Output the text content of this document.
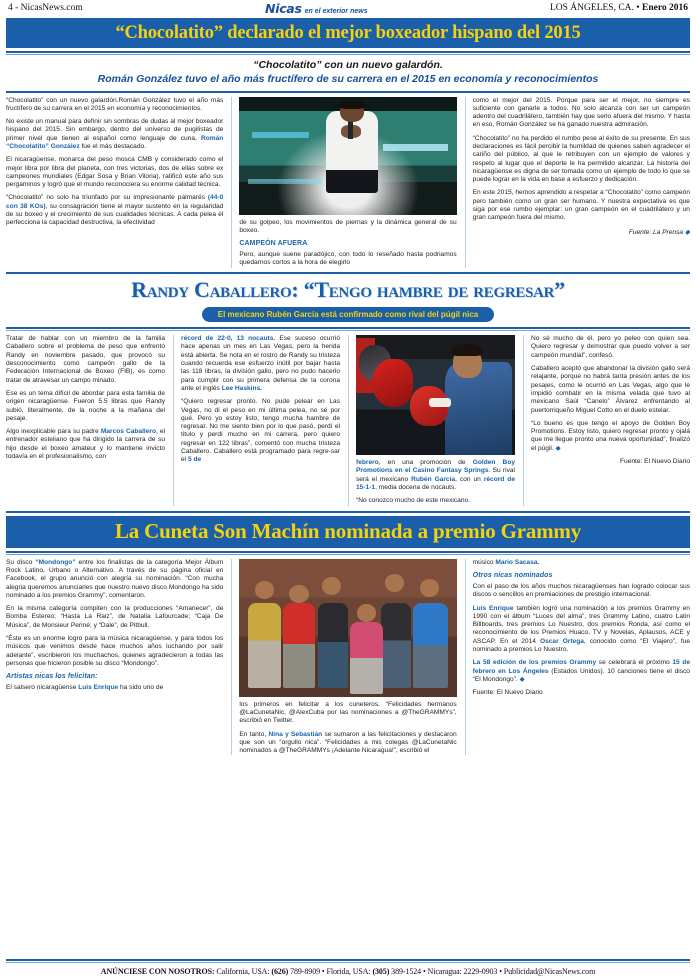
4 - NicasNews.com	Nicas en el exterior news	LOS ÁNGELES, CA. • Enero 2016
“Chocolatito” declarado el mejor boxeador hispano del 2015
“Chocolatito” con un nuevo galardón.
Román González tuvo el año más fructífero de su carrera en el 2015 en economía y reconocimientos

“Chocolatito” con un nuevo galardón.Román González tuvo el año más fructífero de su carrera en el 2015 en economía y reconocimientos.

No existe un manual para definir sin sombras de dudas al mejor boxeador hispano del 2015. Sin embargo, dentro del universo de pugilistas de primer nivel que tienen al español como lenguaje de cuna, Román “Chocolatito” González fue el más destacado.

El nicaragüense, monarca del peso mosca CMB y considerado como el mejor libra por libra del planeta, con tres victorias, dos de ellas sobre ex campeones mundiales (Edgar Sosa y Brian Viloria), ratificó este año sus pergaminos y logró que el mundo reconociera su enorme calidad técnica.

“Chocolatito” no solo ha triunfado por su impresionante palmarés (44-0 con 38 KOs), su consagración tiene el mayor sustento en la regularidad de su boxeo y el crecimiento de sus cualidades técnicas. A cada pelea él perfecciona la capacidad destructiva, la efectividad	de su golpeo, los movimientos de piernas y la dinámica general de su boxeo.

CAMPEÓN AFUERA

Pero, aunque suene paradójico, con todo lo reseñado hasta podriamos quedarnos cortos a la hora de elegirlo

como el mejor del 2015. Porque para ser el mejor, no siempre es suficiente con ganarle a todos. No solo alcanza con ser un campeón adentro del cuadrilátero, también hay que serlo afuera del mismo. Y hasta en eso, Román González se ha ganado nuestra admiración.

“Chocolatito” no ha perdido el rumbo pese al éxito de su presente. En sus declaraciones es fácil percibir la humildad de quienes saben agradecer el cariño del público, al que le retribuyen con un ejemplo de valores y respeto al lugar que el deporte le ha permitido alcanzar. La historia del nicaragüense es digna de ser tomada como un ejemplo de todo lo que se puede lograr en la vida en base a esfuerzo y dedicación.

En este 2015, hemos aprendido a respetar a “Chocolatito” como campeón pero también como un gran ser humano. Y nuestra expectativa es que siga por ese rumbo ejemplar: un gran campeón en el cuadrilátero y un gran campeón fuera del mismo.

Fuente: La Prensa ◆

Randy Caballero: “Tengo hambre de regresar”
El mexicano Rubén García está confirmado como rival del púgil nica

Tratar de hablar con un miembro de la familia Caballero sobre el problema de peso que enfrentó Randy en noviembre pasado, que provocó su desconocimiento como campeón gallo de la Federación Internacional de Boxeo (FIB), es como tratar de atravesar un campo minado.

Ese es un tema difícil de abordar para esta familia de origen nicaragüense. Fueron 5.5 libras que Randy subió, literalmente, de la noche a la mañana del pesaje.

Algo inexplicable para su padre Marcos Caballero, el entrenador esteliano que ha dirigido la carrera de su hijo desde el boxeo amateur y lo mantiene invicto todavía en el profesionalismo, con

récord de 22-0, 13 nocauts. Ese suceso ocurrió hace apenas un mes en Las Vegas, pero la herida está abierta. Se nota en el rostro de Randy su tristeza cuando recuerda ese esfuerzo inútil por bajar hasta las 118 libras, la división gallo, pero no pudo hacerlo para cumplir con su primera defensa de la corona ante el inglés Lee Haskins.

“Quiero regresar pronto. No pude pelear en Las Vegas, no di el peso en mi última pelea, no sé por qué. Pero yo estoy listo, tengo mucha hambre de regresar. No me siento bien por lo que pasó, perdí el titulo y perdí mucho en mi carrera, pero quiero regresar en 122 libras”, comentó con mucha tristeza Caballero. Caballero está programado para regre-sar el 5 de	febrero, en una promoción de Golden Boy Promotions en el Casino Fantasy Springs. Su rival será el mexicano Rubén García, con un récord de 15-1-1, media docena de nocauts.

“No conozco mucho de este mexicano.

No sé mucho de él, pero yo peleo con quien sea. Quiero regresar y demostrar que puedo volver a ser campeón mundial”, confesó.

Caballero aceptó que abandonar la división gallo será relajante, porque no habrá tanta presión antes de los pesajes, como le ocurrió en Las Vegas, algo que le impidió combatir en la misma velada que tuvo al mexicano Saúl “Canelo” Álvarez enfrentando al puertorriqueño Miguel Cotto en el duelo estelar.

“Lo bueno es que tengo el apoyo de Golden Boy Promotions. Estoy listo, quiero regresar pronto y ojalá que me llegue pronto una nueva oportunidad”, finalizó el púgil. ◆

Fuente: El Nuevo Diario

La Cuneta Son Machín nominada a premio Grammy

Su disco “Mondongo” entre los finalistas de la categoría Mejor Álbum Rock Latino, Urbano o Alternativo. A través de su página oficial en Facebook, el grupo anunció con alegría su nominación. “Con mucha alegria queremos anunciarles que nuestro nuevo disco Mondongo ha sido nominado a los premios Grammy”, comentaron.

En la misma categoría compiten con la producciones “Amanecer”, de Bomba Estereo; “Hasta La Raiz”, de Natalia Lafourcade; “Caja De Música”, de Monsieur Periné; y “Dale”, de Pitbull.

“Éste es un enorme logro para la música nicaragüense, y para todos los músicos que venimos desde hace muchos años luchando por salir adelante”, escribieron los muchachos, quienes agradecieron a todas las personas que hicieron posible su disco “Mondongo”.

Artistas nicas los felicitan:

El salsero nicaragüense Luis Enrique ha sido uno de

los primeros en felicitar a los cuneteros. “Felicidades hermanos @LaCunetaNic, @AlexCuba por las nominaciones a @TheGRAMMYs”, escribió en Twitter.

En tanto, Nina y Sebastián se sumaron a las felicitaciones y destacaron que son un “orgullo nica”. “Felicidades a mis colegas @LaCunetaNic nominados a @TheGRAMMYs ¡Adelante Nicaragua!”, escribió el

músico Mario Sacasa.

Otros nicas nominados

Con el paso de los años muchos nicaragüenses han logrado colocar sus discos o sencillos en premiaciones de prestigio internacional.

Luis Enrique también logró una nominación a los premios Grammy en 1990 con el álbum “Luces del alma”, tres Grammy Latino, cuatro Latin Billboards, tres premios Lo Nuestro, dos premios Ronda, así como el reconocimiento de los Premios Huaco, TV y Novelas, Aplausos, ACE y ASCAP. En el 2014 Oscar Ortega, conocido como “El Viajero”, fue nominado a premios Lo Nuestro.

La 58 edición de los premios Grammy se celebrará el próximo 15 de febrero en Los Ángeles (Estados Unidos). 10 canciones tiene el disco “El Mondongo”. ◆

Fuente: El Nuevo Diario

ANÚNCIESE CON NOSOTROS: California, USA: (626) 789-8909 • Florida, USA: (305) 389-1524 • Nicaragua: 2229-0903 • Publicidad@NicasNews.com
